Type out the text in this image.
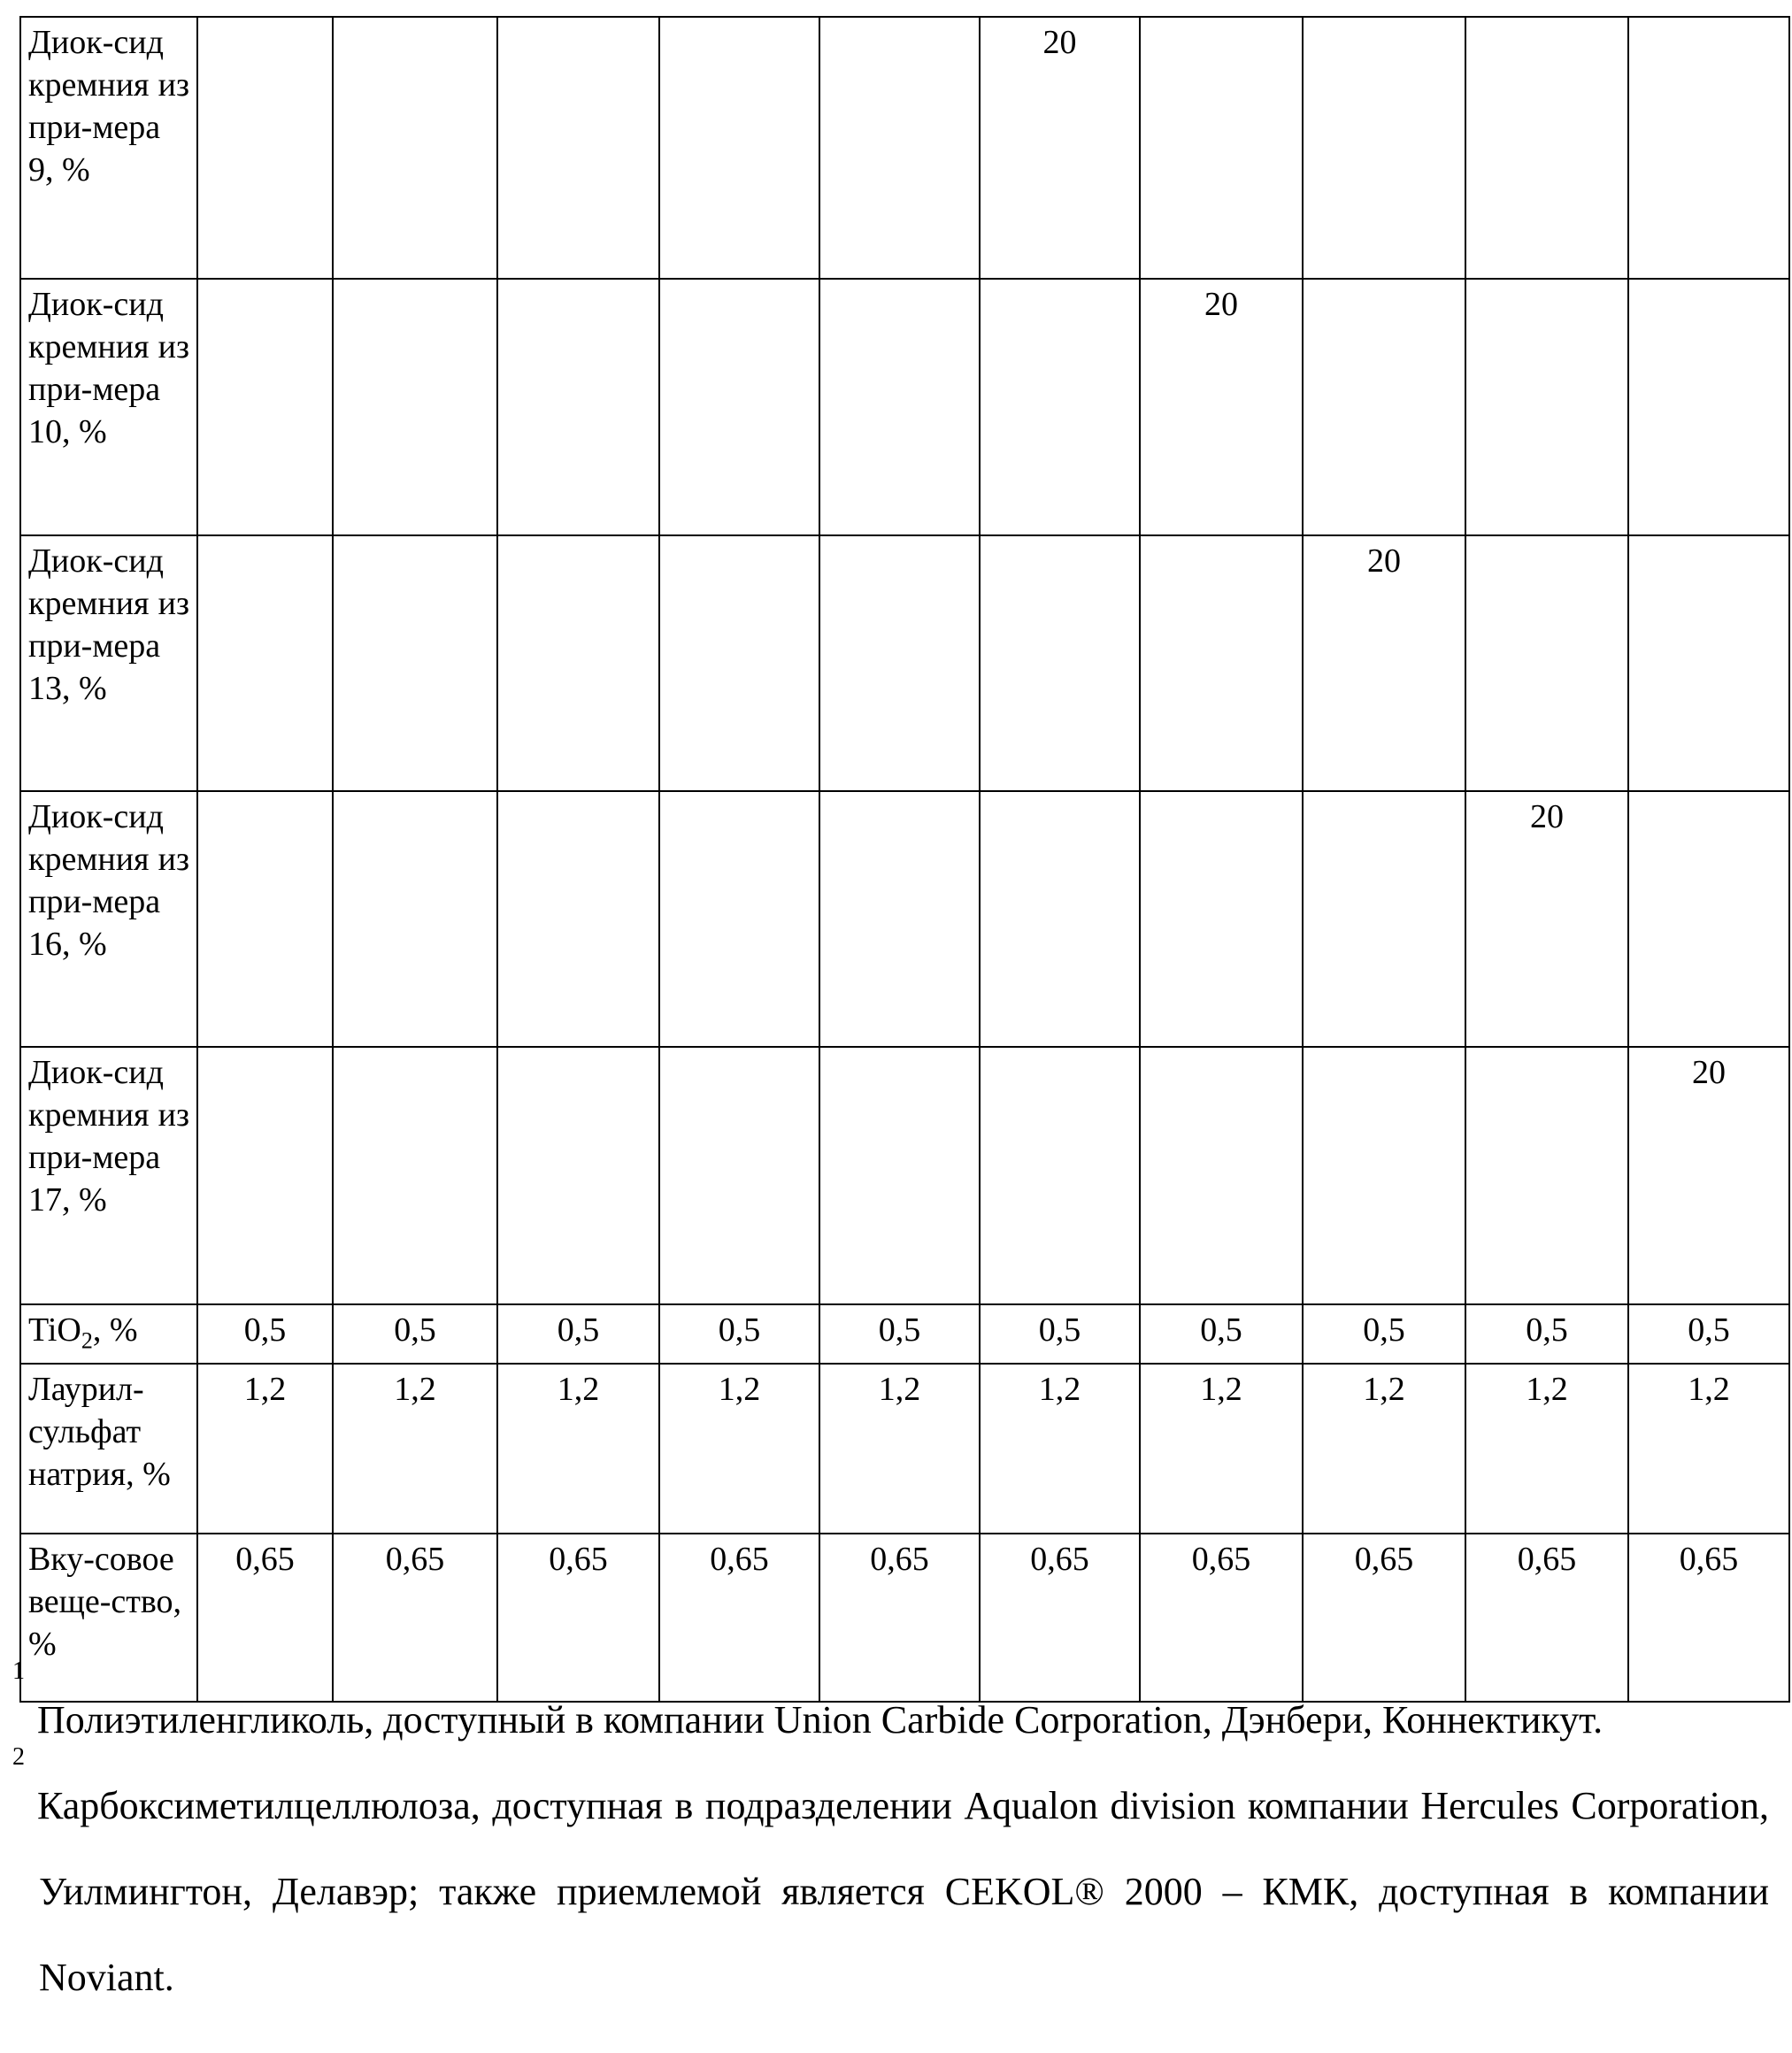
Диок-сид кремния из при-мера 9, %						20				
Диок-сид кремния из при-мера 10, %							20			
Диок-сид кремния из при-мера 13, %								20		
Диок-сид кремния из при-мера 16, %									20	
Диок-сид кремния из при-мера 17, %										20
TiO2, %	0,5	0,5	0,5	0,5	0,5	0,5	0,5	0,5	0,5	0,5
Лаурил-сульфат натрия, %	1,2	1,2	1,2	1,2	1,2	1,2	1,2	1,2	1,2	1,2
Вку-совое веще-ство, %	0,65	0,65	0,65	0,65	0,65	0,65	0,65	0,65	0,65	0,65

1Полиэтиленгликоль, доступный в компании Union Carbide Corporation, Дэнбери, Коннектикут.

2Карбоксиметилцеллюлоза, доступная в подразделении Aqualon division компании Hercules Corporation, Уилмингтон, Делавэр; также приемлемой является CEKOL® 2000 – КМК, доступная в компании Noviant.
